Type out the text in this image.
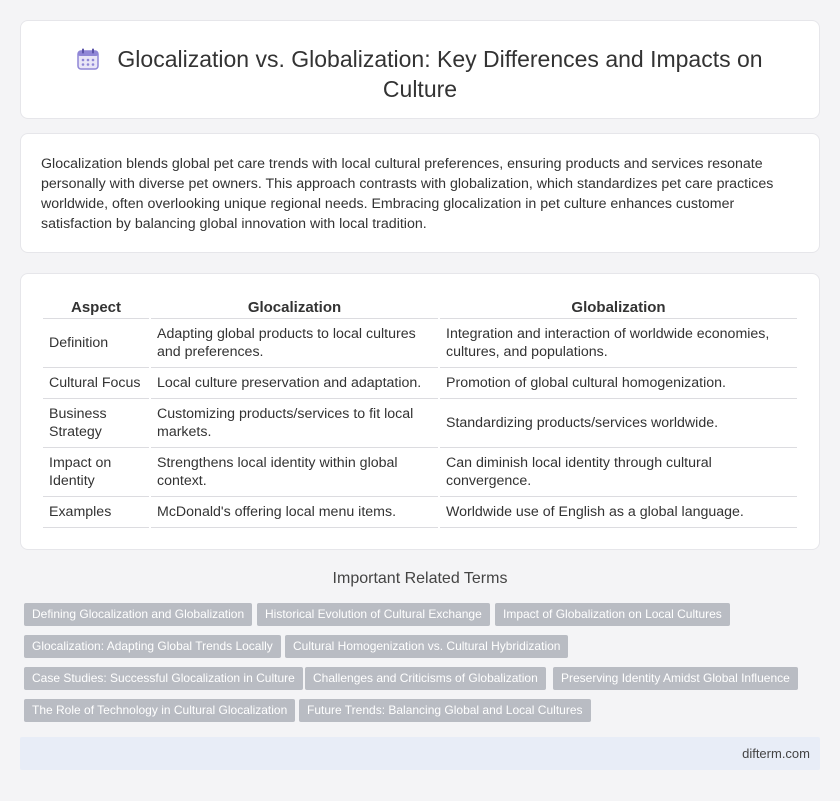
Glocalization vs. Globalization: Key Differences and Impacts on Culture

Glocalization blends global pet care trends with local cultural preferences, ensuring products and services resonate personally with diverse pet owners. This approach contrasts with globalization, which standardizes pet care practices worldwide, often overlooking unique regional needs. Embracing glocalization in pet culture enhances customer satisfaction by balancing global innovation with local tradition.

Aspect	Glocalization	Globalization
Definition	Adapting global products to local cultures and preferences.	Integration and interaction of worldwide economies, cultures, and populations.
Cultural Focus	Local culture preservation and adaptation.	Promotion of global cultural homogenization.
Business Strategy	Customizing products/services to fit local markets.	Standardizing products/services worldwide.
Impact on Identity	Strengthens local identity within global context.	Can diminish local identity through cultural convergence.
Examples	McDonald's offering local menu items.	Worldwide use of English as a global language.
Important Related Terms
Defining Glocalization and Globalization	Historical Evolution of Cultural Exchange	Impact of Globalization on Local Cultures
Glocalization: Adapting Global Trends Locally	Cultural Homogenization vs. Cultural Hybridization
Case Studies: Successful Glocalization in Culture	Challenges and Criticisms of Globalization	Preserving Identity Amidst Global Influence
The Role of Technology in Cultural Glocalization	Future Trends: Balancing Global and Local Cultures
difterm.com
